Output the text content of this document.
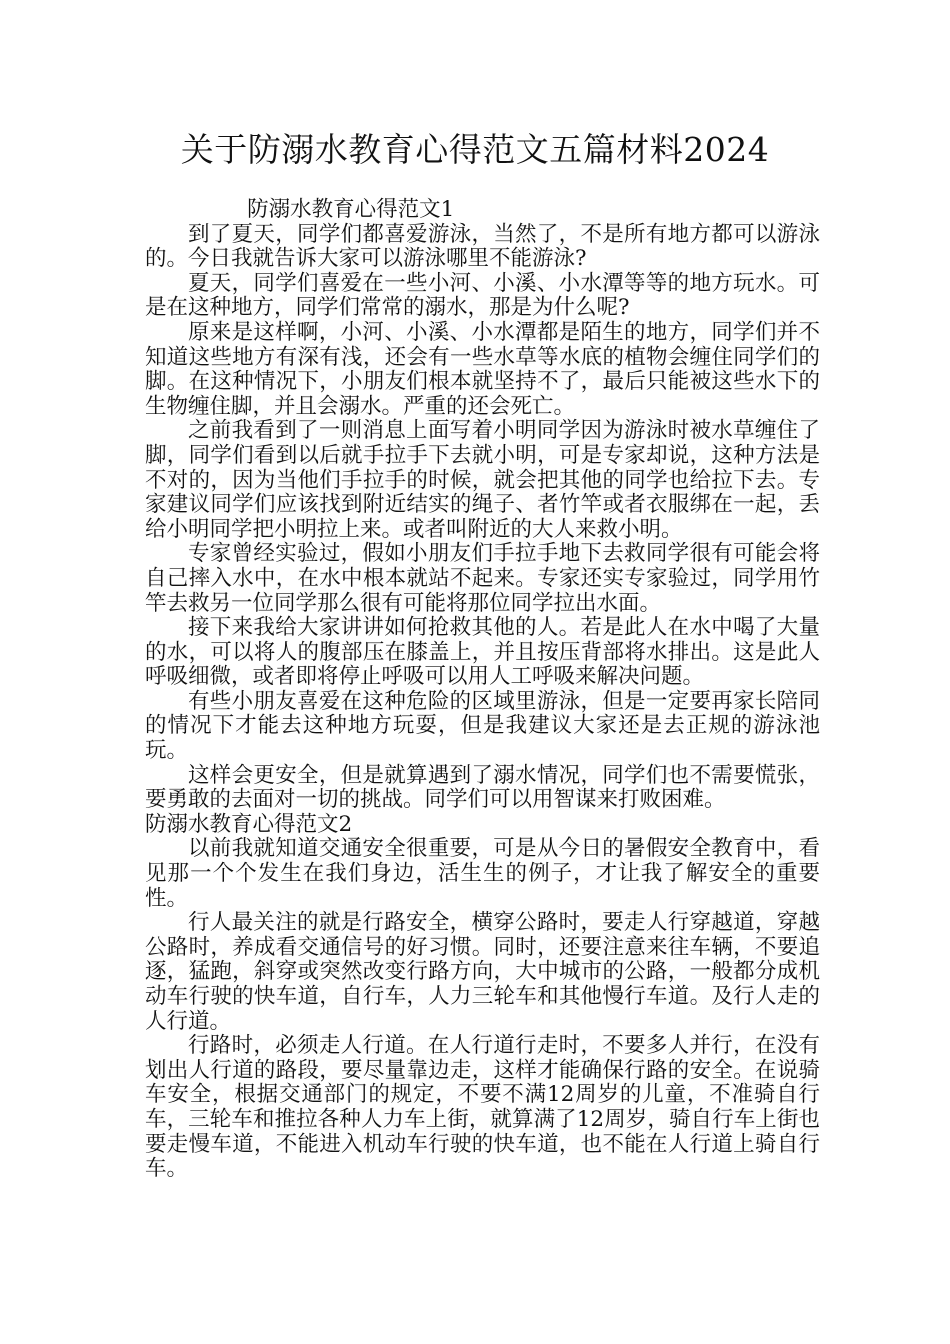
关于防溺水教育心得范文五篇材料2024

防溺水教育心得范文1

到了夏天，同学们都喜爱游泳，当然了，不是所有地方都可以游泳的。今日我就告诉大家可以游泳哪里不能游泳?

夏天，同学们喜爱在一些小河、小溪、小水潭等等的地方玩水。可是在这种地方，同学们常常的溺水，那是为什么呢?

原来是这样啊，小河、小溪、小水潭都是陌生的地方，同学们并不知道这些地方有深有浅，还会有一些水草等水底的植物会缠住同学们的脚。在这种情况下，小朋友们根本就坚持不了，最后只能被这些水下的生物缠住脚，并且会溺水。严重的还会死亡。

之前我看到了一则消息上面写着小明同学因为游泳时被水草缠住了脚，同学们看到以后就手拉手下去就小明，可是专家却说，这种方法是不对的，因为当他们手拉手的时候，就会把其他的同学也给拉下去。专家建议同学们应该找到附近结实的绳子、者竹竿或者衣服绑在一起，丢给小明同学把小明拉上来。或者叫附近的大人来救小明。

专家曾经实验过，假如小朋友们手拉手地下去救同学很有可能会将自己摔入水中，在水中根本就站不起来。专家还实专家验过，同学用竹竿去救另一位同学那么很有可能将那位同学拉出水面。

接下来我给大家讲讲如何抢救其他的人。若是此人在水中喝了大量的水，可以将人的腹部压在膝盖上，并且按压背部将水排出。这是此人呼吸细微，或者即将停止呼吸可以用人工呼吸来解决问题。

有些小朋友喜爱在这种危险的区域里游泳，但是一定要再家长陪同的情况下才能去这种地方玩耍，但是我建议大家还是去正规的游泳池玩。

这样会更安全，但是就算遇到了溺水情况，同学们也不需要慌张，要勇敢的去面对一切的挑战。同学们可以用智谋来打败困难。

防溺水教育心得范文2

以前我就知道交通安全很重要，可是从今日的暑假安全教育中，看见那一个个发生在我们身边，活生生的例子，才让我了解安全的重要性。

行人最关注的就是行路安全，横穿公路时，要走人行穿越道，穿越公路时，养成看交通信号的好习惯。同时，还要注意来往车辆，不要追逐，猛跑，斜穿或突然改变行路方向，大中城市的公路，一般都分成机动车行驶的快车道，自行车，人力三轮车和其他慢行车道。及行人走的人行道。

行路时，必须走人行道。在人行道行走时，不要多人并行，在没有划出人行道的路段，要尽量靠边走，这样才能确保行路的安全。在说骑车安全，根据交通部门的规定，不要不满12周岁的儿童，不准骑自行车，三轮车和推拉各种人力车上街，就算满了12周岁，骑自行车上街也要走慢车道，不能进入机动车行驶的快车道，也不能在人行道上骑自行车。
